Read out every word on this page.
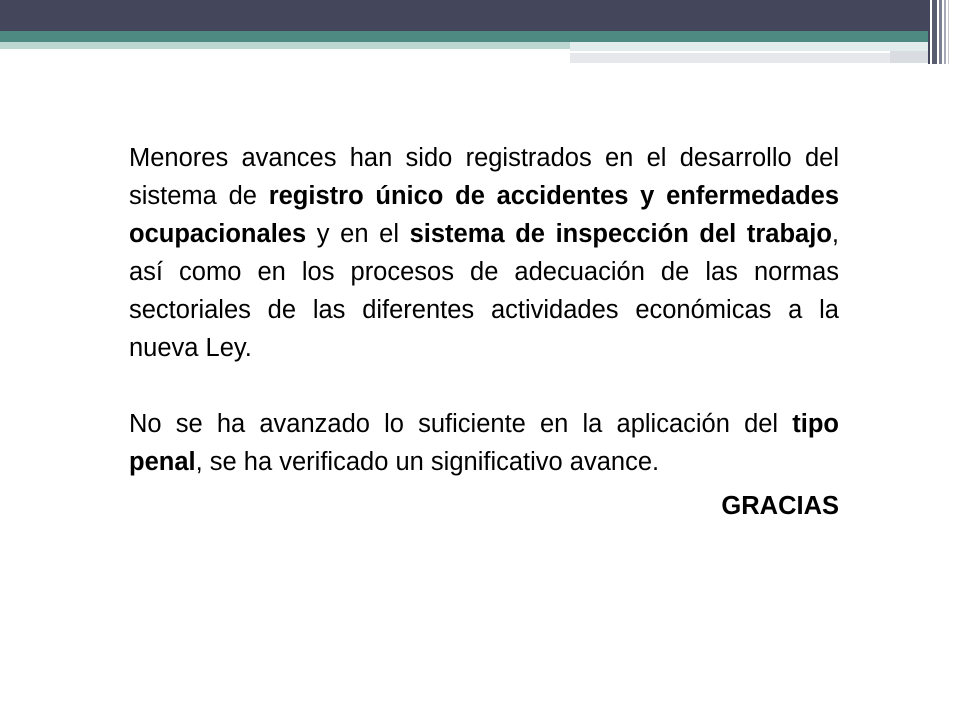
Menores avances han sido registrados en el desarrollo del sistema de registro único de accidentes y enfermedades ocupacionales y en el sistema de inspección del trabajo, así como en los procesos de adecuación de las normas sectoriales de las diferentes actividades económicas a la nueva Ley.

No se ha avanzado lo suficiente en la aplicación del tipo penal, se ha verificado un significativo avance.

GRACIAS
